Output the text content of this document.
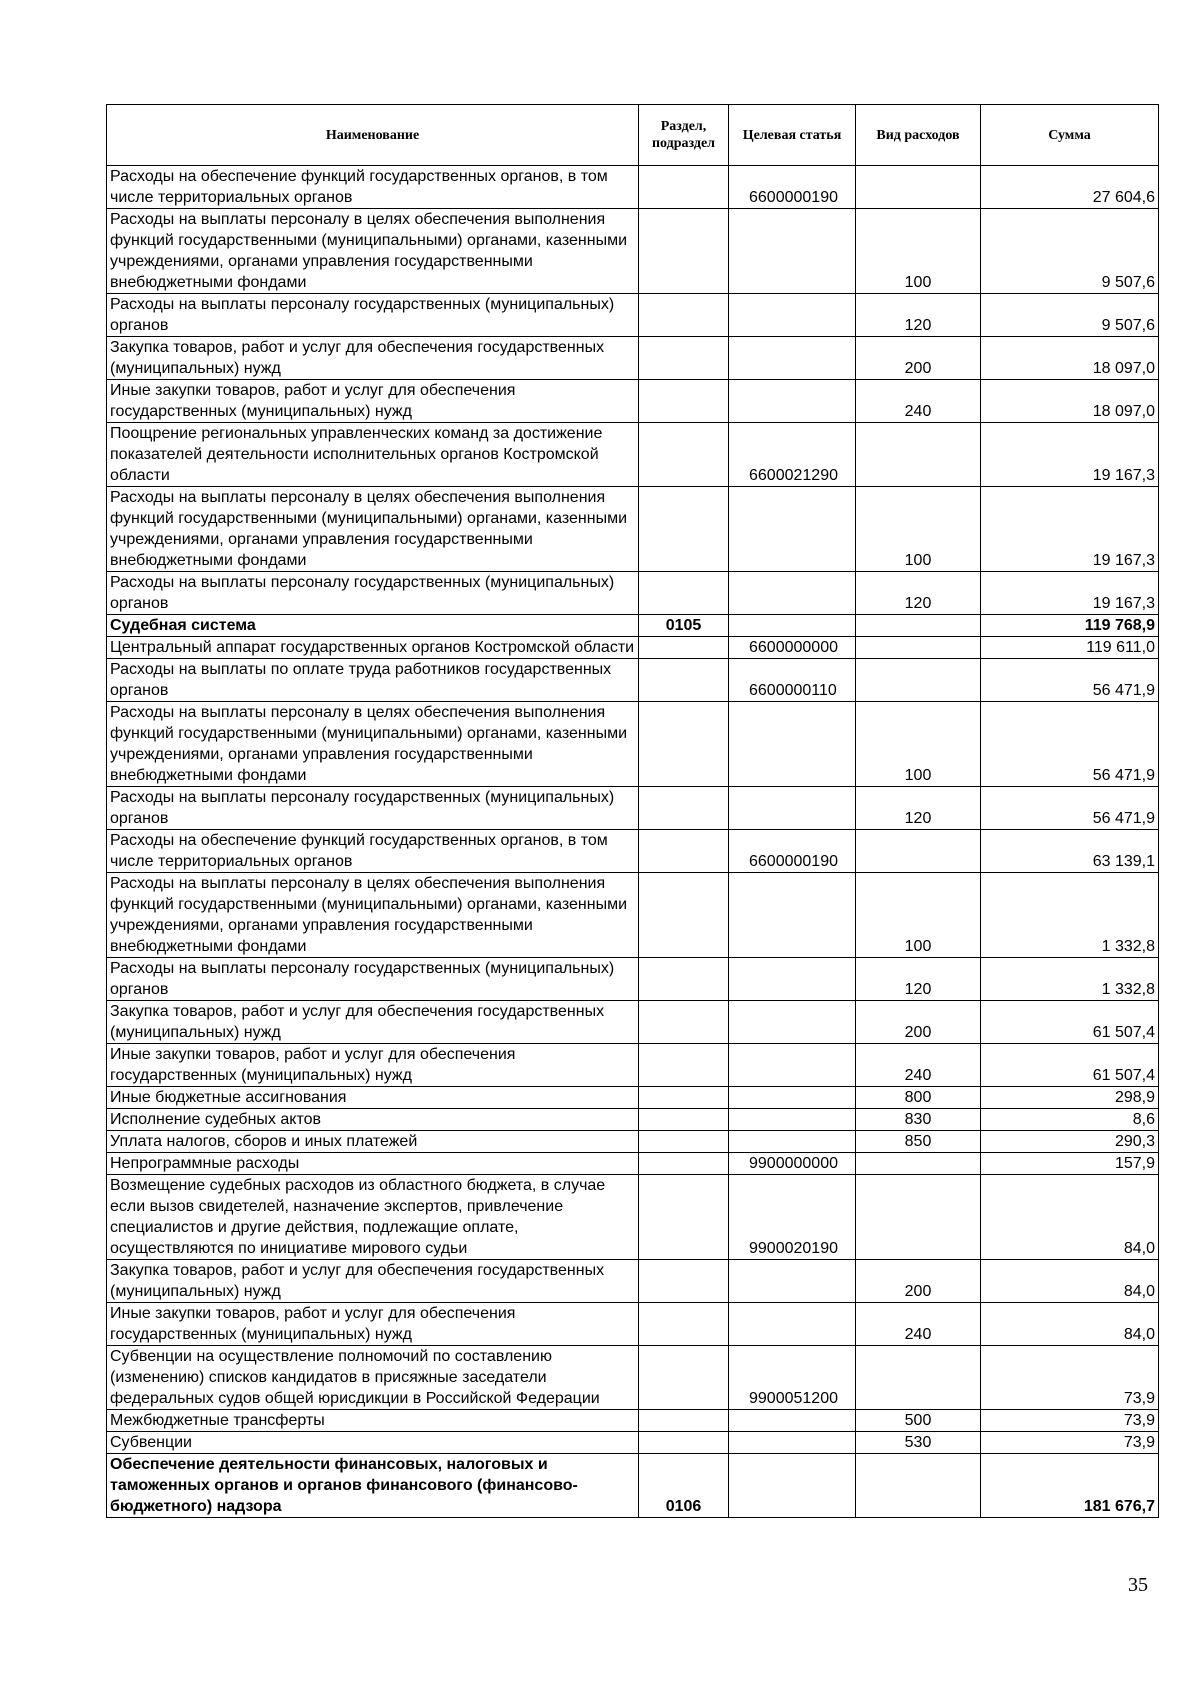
Наименование	Раздел, подраздел	Целевая статья	Вид расходов	Сумма
Расходы на обеспечение функций государственных органов, в том числе территориальных органов		6600000190		27 604,6
Расходы на выплаты персоналу в целях обеспечения выполнения функций государственными (муниципальными) органами, казенными учреждениями, органами управления государственными внебюджетными фондами			100	9 507,6
Расходы на выплаты персоналу государственных (муниципальных) органов			120	9 507,6
Закупка товаров, работ и услуг для обеспечения государственных (муниципальных) нужд			200	18 097,0
Иные закупки товаров, работ и услуг для обеспечения государственных (муниципальных) нужд			240	18 097,0
Поощрение региональных управленческих команд за достижение показателей деятельности исполнительных органов Костромской области		6600021290		19 167,3
Расходы на выплаты персоналу в целях обеспечения выполнения функций государственными (муниципальными) органами, казенными учреждениями, органами управления государственными внебюджетными фондами			100	19 167,3
Расходы на выплаты персоналу государственных (муниципальных) органов			120	19 167,3
Судебная система	0105			119 768,9
Центральный аппарат государственных органов Костромской области		6600000000		119 611,0
Расходы на выплаты по оплате труда работников государственных органов		6600000110		56 471,9
Расходы на выплаты персоналу в целях обеспечения выполнения функций государственными (муниципальными) органами, казенными учреждениями, органами управления государственными внебюджетными фондами			100	56 471,9
Расходы на выплаты персоналу государственных (муниципальных) органов			120	56 471,9
Расходы на обеспечение функций государственных органов, в том числе территориальных органов		6600000190		63 139,1
Расходы на выплаты персоналу в целях обеспечения выполнения функций государственными (муниципальными) органами, казенными учреждениями, органами управления государственными внебюджетными фондами			100	1 332,8
Расходы на выплаты персоналу государственных (муниципальных) органов			120	1 332,8
Закупка товаров, работ и услуг для обеспечения государственных (муниципальных) нужд			200	61 507,4
Иные закупки товаров, работ и услуг для обеспечения государственных (муниципальных) нужд			240	61 507,4
Иные бюджетные ассигнования			800	298,9
Исполнение судебных актов			830	8,6
Уплата налогов, сборов и иных платежей			850	290,3
Непрограммные расходы		9900000000		157,9
Возмещение судебных расходов из областного бюджета, в случае если вызов свидетелей, назначение экспертов, привлечение специалистов и другие действия, подлежащие оплате, осуществляются по инициативе мирового судьи		9900020190		84,0
Закупка товаров, работ и услуг для обеспечения государственных (муниципальных) нужд			200	84,0
Иные закупки товаров, работ и услуг для обеспечения государственных (муниципальных) нужд			240	84,0
Субвенции на осуществление полномочий по составлению (изменению) списков кандидатов в присяжные заседатели федеральных судов общей юрисдикции в Российской Федерации		9900051200		73,9
Межбюджетные трансферты			500	73,9
Субвенции			530	73,9
Обеспечение деятельности финансовых, налоговых и таможенных органов и органов финансового (финансово-бюджетного) надзора	0106			181 676,7
35
